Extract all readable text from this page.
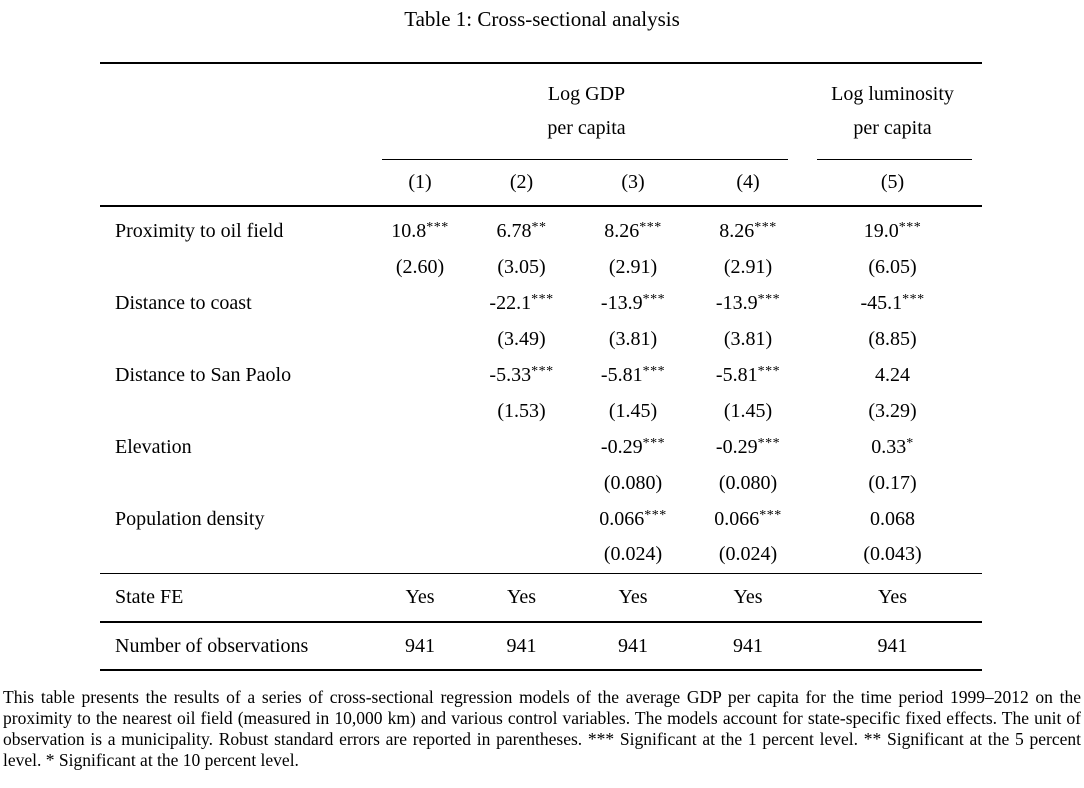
Table 1: Cross-sectional analysis

Log GDP
per capita

Log luminosity
per capita

	(1)	(2)	(3)	(4)	(5)
Proximity to oil field	10.8***	6.78**	8.26***	8.26***	19.0***
	(2.60)	(3.05)	(2.91)	(2.91)	(6.05)
Distance to coast		-22.1***	-13.9***	-13.9***	-45.1***
		(3.49)	(3.81)	(3.81)	(8.85)
Distance to San Paolo		-5.33***	-5.81***	-5.81***	4.24
		(1.53)	(1.45)	(1.45)	(3.29)
Elevation			-0.29***	-0.29***	0.33*
			(0.080)	(0.080)	(0.17)
Population density			0.066***	0.066***	0.068
			(0.024)	(0.024)	(0.043)
State FE	Yes	Yes	Yes	Yes	Yes
Number of observations	941	941	941	941	941
This table presents the results of a series of cross-sectional regression models of the average GDP per capita for the time period 1999–2012 on the proximity to the nearest oil field (measured in 10,000 km) and various control variables. The models account for state-specific fixed effects. The unit of observation is a municipality. Robust standard errors are reported in parentheses. *** Significant at the 1 percent level. ** Significant at the 5 percent level. * Significant at the 10 percent level.
